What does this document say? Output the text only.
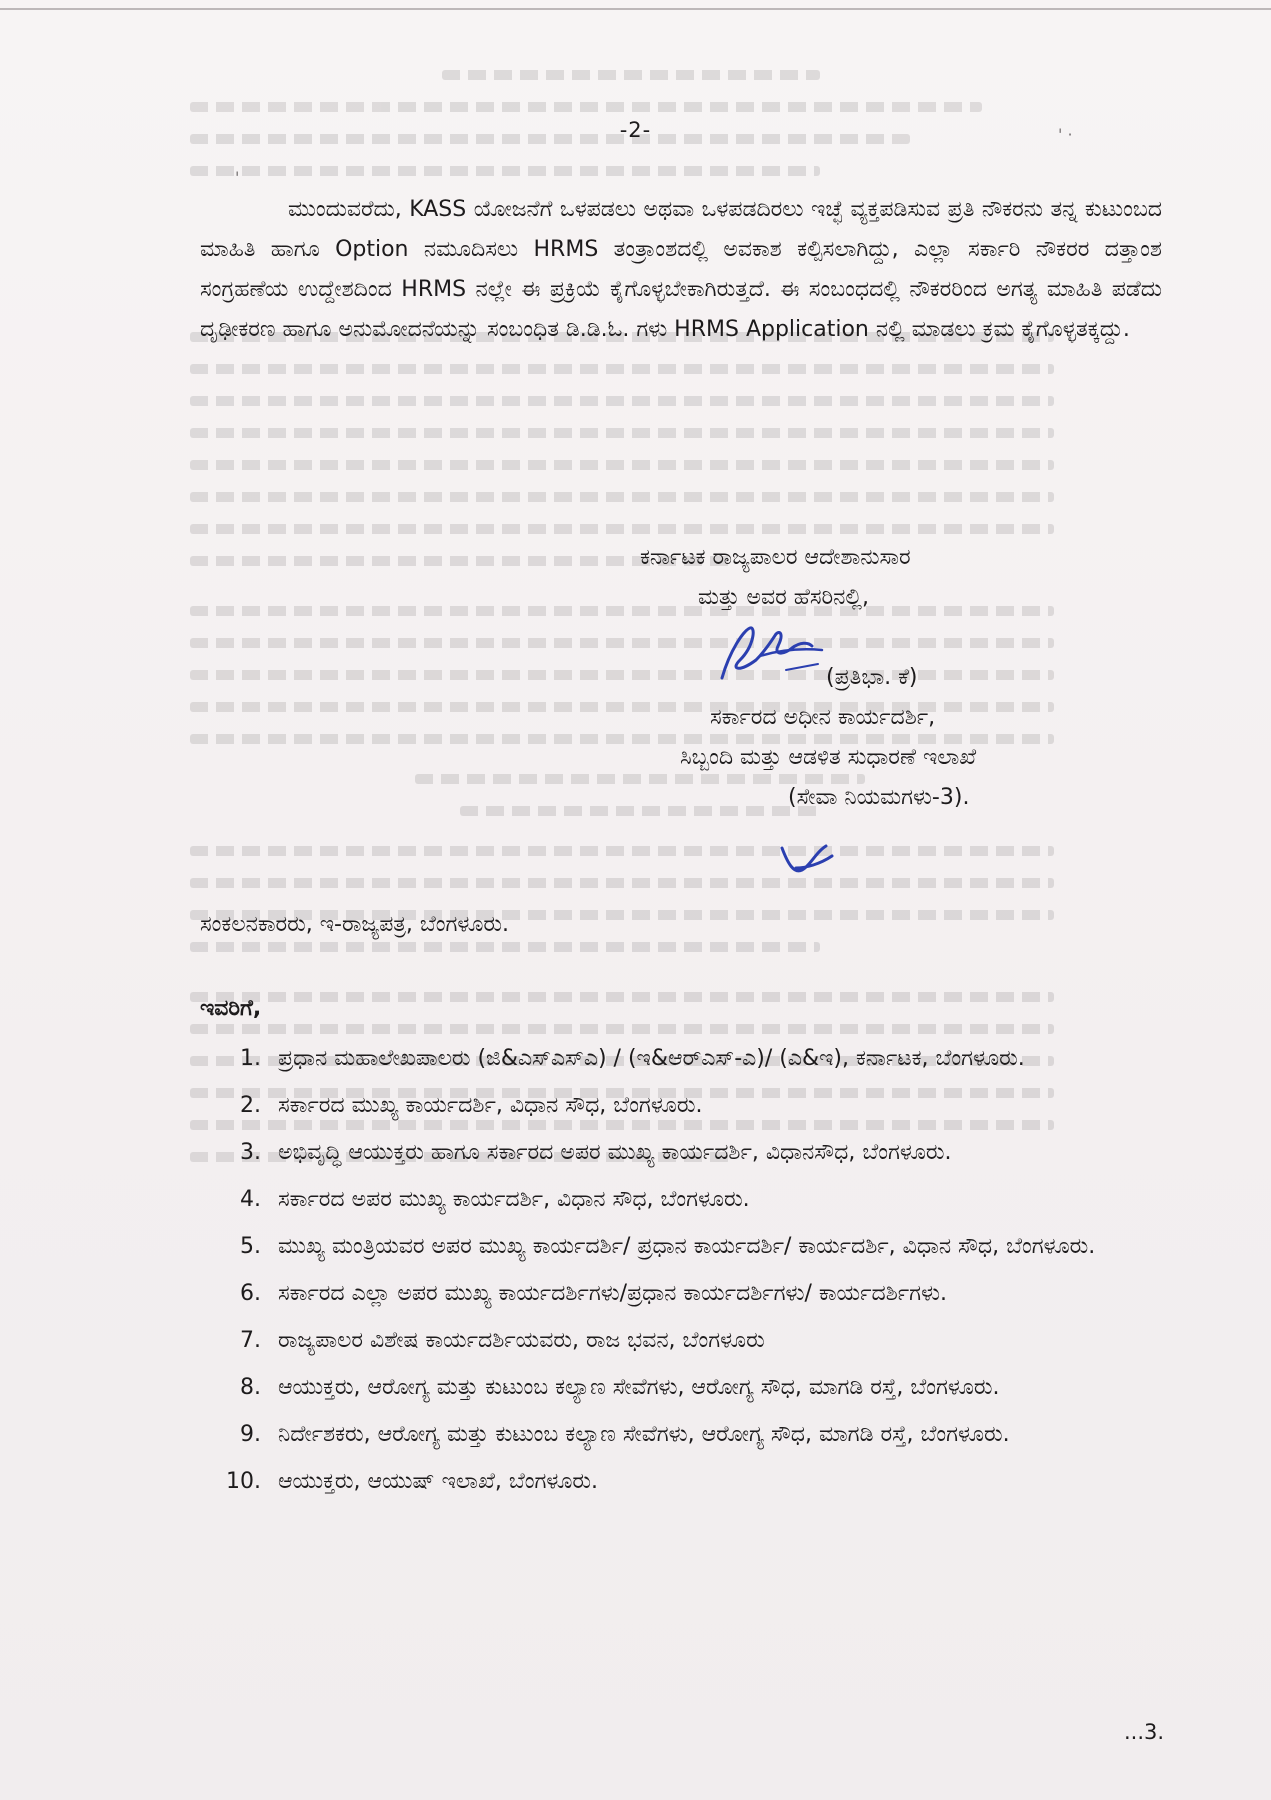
'
' ·
-2-

ಮುಂದುವರೆದು, KASS ಯೋಜನೆಗೆ ಒಳಪಡಲು ಅಥವಾ ಒಳಪಡದಿರಲು ಇಚ್ಛೆ ವ್ಯಕ್ತಪಡಿಸುವ ಪ್ರತಿ ನೌಕರನು ತನ್ನ ಕುಟುಂಬದ ಮಾಹಿತಿ ಹಾಗೂ Option ನಮೂದಿಸಲು HRMS ತಂತ್ರಾಂಶದಲ್ಲಿ ಅವಕಾಶ ಕಲ್ಪಿಸಲಾಗಿದ್ದು, ಎಲ್ಲಾ ಸರ್ಕಾರಿ ನೌಕರರ ದತ್ತಾಂಶ ಸಂಗ್ರಹಣೆಯ ಉದ್ದೇಶದಿಂದ HRMS ನಲ್ಲೇ ಈ ಪ್ರಕ್ರಿಯೆ ಕೈಗೊಳ್ಳಬೇಕಾಗಿರುತ್ತದೆ. ಈ ಸಂಬಂಧದಲ್ಲಿ ನೌಕರರಿಂದ ಅಗತ್ಯ ಮಾಹಿತಿ ಪಡೆದು ದೃಢೀಕರಣ ಹಾಗೂ ಅನುಮೋದನೆಯನ್ನು ಸಂಬಂಧಿತ ಡಿ.ಡಿ.ಓ. ಗಳು HRMS Application ನಲ್ಲಿ ಮಾಡಲು ಕ್ರಮ ಕೈಗೊಳ್ಳತಕ್ಕದ್ದು.

ಕರ್ನಾಟಕ ರಾಜ್ಯಪಾಲರ ಆದೇಶಾನುಸಾರ
ಮತ್ತು ಅವರ ಹೆಸರಿನಲ್ಲಿ,
(ಪ್ರತಿಭಾ. ಕೆ)
ಸರ್ಕಾರದ ಅಧೀನ ಕಾರ್ಯದರ್ಶಿ,
ಸಿಬ್ಬಂದಿ ಮತ್ತು ಆಡಳಿತ ಸುಧಾರಣೆ ಇಲಾಖೆ
(ಸೇವಾ ನಿಯಮಗಳು-3).
ಸಂಕಲನಕಾರರು, ಇ-ರಾಜ್ಯಪತ್ರ, ಬೆಂಗಳೂರು.
ಇವರಿಗೆ,
1. ಪ್ರಧಾನ ಮಹಾಲೇಖಪಾಲರು (ಜಿ&ಎಸ್‌ಎಸ್‌ಎ) / (ಇ&ಆರ್‌ಎಸ್-ಎ)/ (ಎ&ಇ), ಕರ್ನಾಟಕ, ಬೆಂಗಳೂರು.
2. ಸರ್ಕಾರದ ಮುಖ್ಯ ಕಾರ್ಯದರ್ಶಿ, ವಿಧಾನ ಸೌಧ, ಬೆಂಗಳೂರು.
3. ಅಭಿವೃದ್ಧಿ ಆಯುಕ್ತರು ಹಾಗೂ ಸರ್ಕಾರದ ಅಪರ ಮುಖ್ಯ ಕಾರ್ಯದರ್ಶಿ, ವಿಧಾನಸೌಧ, ಬೆಂಗಳೂರು.
4. ಸರ್ಕಾರದ ಅಪರ ಮುಖ್ಯ ಕಾರ್ಯದರ್ಶಿ, ವಿಧಾನ ಸೌಧ, ಬೆಂಗಳೂರು.
5. ಮುಖ್ಯ ಮಂತ್ರಿಯವರ ಅಪರ ಮುಖ್ಯ ಕಾರ್ಯದರ್ಶಿ/ ಪ್ರಧಾನ ಕಾರ್ಯದರ್ಶಿ/ ಕಾರ್ಯದರ್ಶಿ, ವಿಧಾನ ಸೌಧ, ಬೆಂಗಳೂರು.
6. ಸರ್ಕಾರದ ಎಲ್ಲಾ ಅಪರ ಮುಖ್ಯ ಕಾರ್ಯದರ್ಶಿಗಳು/ಪ್ರಧಾನ ಕಾರ್ಯದರ್ಶಿಗಳು/ ಕಾರ್ಯದರ್ಶಿಗಳು.
7. ರಾಜ್ಯಪಾಲರ ವಿಶೇಷ ಕಾರ್ಯದರ್ಶಿಯವರು, ರಾಜ ಭವನ, ಬೆಂಗಳೂರು
8. ಆಯುಕ್ತರು, ಆರೋಗ್ಯ ಮತ್ತು ಕುಟುಂಬ ಕಲ್ಯಾಣ ಸೇವೆಗಳು, ಆರೋಗ್ಯ ಸೌಧ, ಮಾಗಡಿ ರಸ್ತೆ, ಬೆಂಗಳೂರು.
9. ನಿರ್ದೇಶಕರು, ಆರೋಗ್ಯ ಮತ್ತು ಕುಟುಂಬ ಕಲ್ಯಾಣ ಸೇವೆಗಳು, ಆರೋಗ್ಯ ಸೌಧ, ಮಾಗಡಿ ರಸ್ತೆ, ಬೆಂಗಳೂರು.
10. ಆಯುಕ್ತರು, ಆಯುಷ್ ಇಲಾಖೆ, ಬೆಂಗಳೂರು.
...3.
